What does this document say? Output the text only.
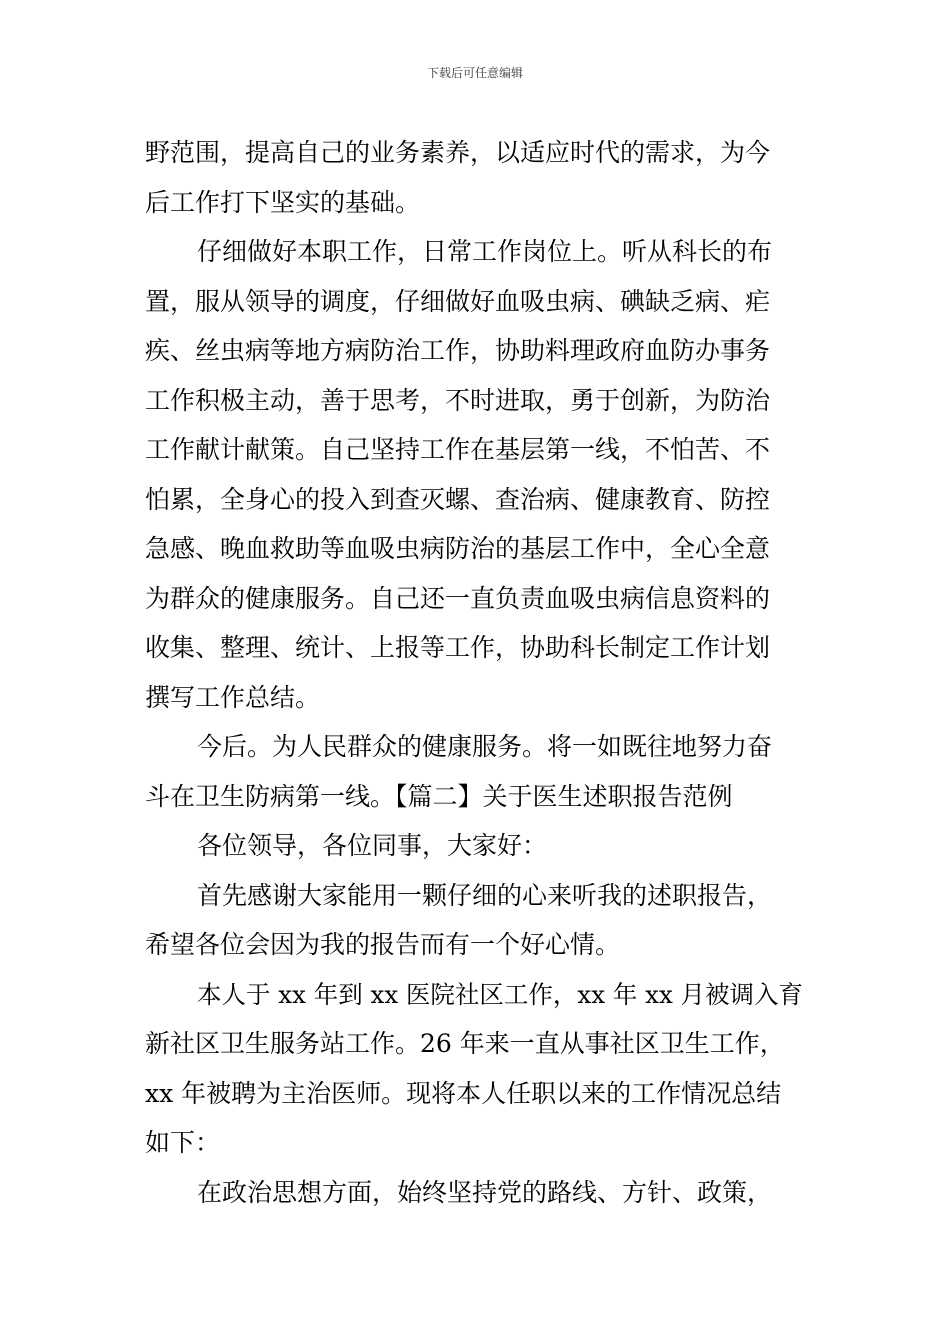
下载后可任意编辑
野范围，提高自己的业务素养，以适应时代的需求，为今
后工作打下坚实的基础。
仔细做好本职工作，日常工作岗位上。听从科长的布
置，服从领导的调度，仔细做好血吸虫病、碘缺乏病、疟
疾、丝虫病等地方病防治工作，协助料理政府血防办事务
工作积极主动，善于思考，不时进取，勇于创新，为防治
工作献计献策。自己坚持工作在基层第一线，不怕苦、不
怕累，全身心的投入到查灭螺、查治病、健康教育、防控
急感、晚血救助等血吸虫病防治的基层工作中，全心全意
为群众的健康服务。自己还一直负责血吸虫病信息资料的
收集、整理、统计、上报等工作，协助科长制定工作计划
撰写工作总结。
今后。为人民群众的健康服务。将一如既往地努力奋
斗在卫生防病第一线。【篇二】关于医生述职报告范例
各位领导，各位同事，大家好：
首先感谢大家能用一颗仔细的心来听我的述职报告，
希望各位会因为我的报告而有一个好心情。
本人于 xx 年到 xx 医院社区工作，xx 年 xx 月被调入育
新社区卫生服务站工作。26 年来一直从事社区卫生工作，
xx 年被聘为主治医师。现将本人任职以来的工作情况总结
如下：
在政治思想方面，始终坚持党的路线、方针、政策，
